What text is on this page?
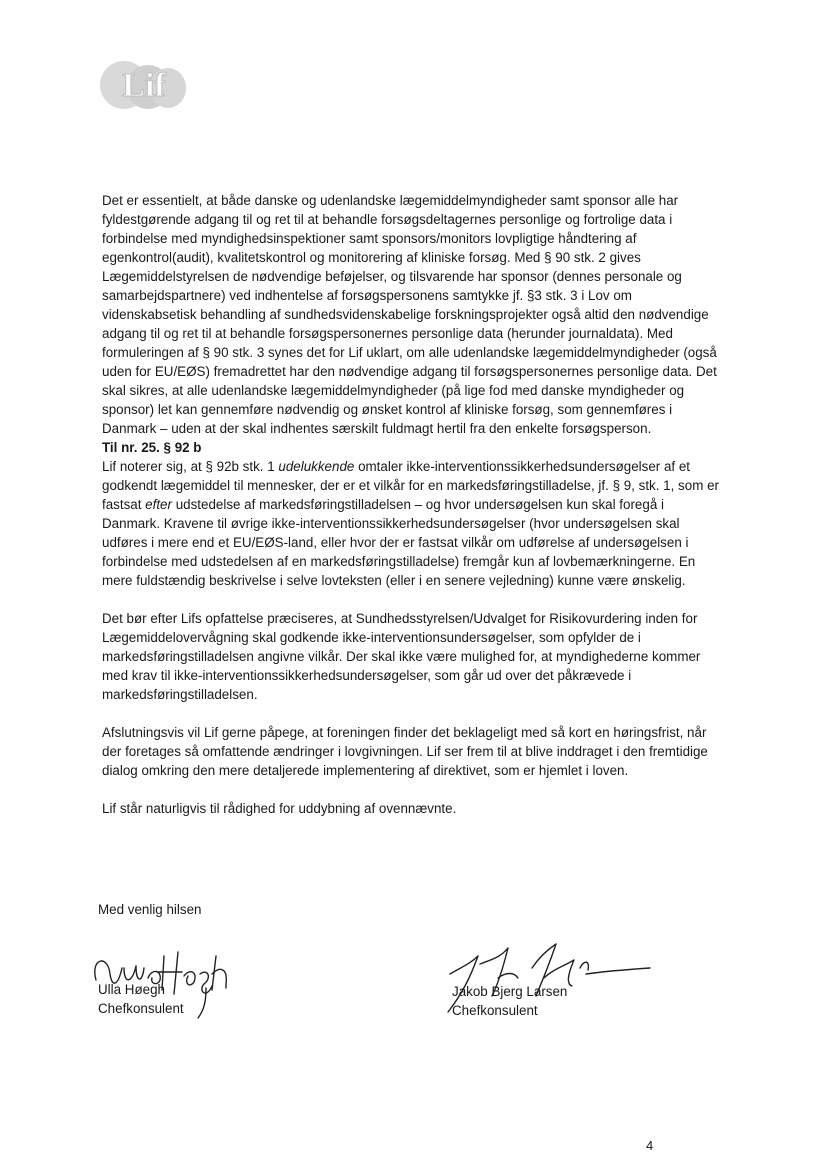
Lif

Det er essentielt, at både danske og udenlandske lægemiddelmyndigheder samt sponsor alle har fyldestgørende adgang til og ret til at behandle forsøgsdeltagernes personlige og fortrolige data i forbindelse med myndighedsinspektioner samt sponsors/monitors lovpligtige håndtering af egenkontrol(audit), kvalitetskontrol og monitorering af kliniske forsøg. Med § 90 stk. 2 gives Lægemiddelstyrelsen de nødvendige beføjelser, og tilsvarende har sponsor (dennes personale og samarbejdspartnere) ved indhentelse af forsøgspersonens samtykke jf. §3 stk. 3 i Lov om videnskabsetisk behandling af sundhedsvidenskabelige forskningsprojekter også altid den nødvendige adgang til og ret til at behandle forsøgspersonernes personlige data (herunder journaldata). Med formuleringen af § 90 stk. 3 synes det for Lif uklart, om alle udenlandske lægemiddelmyndigheder (også uden for EU/EØS) fremadrettet har den nødvendige adgang til forsøgspersonernes personlige data. Det skal sikres, at alle udenlandske lægemiddelmyndigheder (på lige fod med danske myndigheder og sponsor) let kan gennemføre nødvendig og ønsket kontrol af kliniske forsøg, som gennemføres i Danmark – uden at der skal indhentes særskilt fuldmagt hertil fra den enkelte forsøgsperson.

Til nr. 25. § 92 b

Lif noterer sig, at § 92b stk. 1 udelukkende omtaler ikke-interventionssikkerhedsundersøgelser af et godkendt lægemiddel til mennesker, der er et vilkår for en markedsføringstilladelse, jf. § 9, stk. 1, som er fastsat efter udstedelse af markedsføringstilladelsen – og hvor undersøgelsen kun skal foregå i Danmark. Kravene til øvrige ikke-interventionssikkerhedsundersøgelser (hvor undersøgelsen skal udføres i mere end et EU/EØS-land, eller hvor der er fastsat vilkår om udførelse af undersøgelsen i forbindelse med udstedelsen af en markedsføringstilladelse) fremgår kun af lovbemærkningerne. En mere fuldstændig beskrivelse i selve lovteksten (eller i en senere vejledning) kunne være ønskelig.

Det bør efter Lifs opfattelse præciseres, at Sundhedsstyrelsen/Udvalget for Risikovurdering inden for Lægemiddelovervågning skal godkende ikke-interventionsundersøgelser, som opfylder de i markedsføringstilladelsen angivne vilkår. Der skal ikke være mulighed for, at myndighederne kommer med krav til ikke-interventionssikkerhedsundersøgelser, som går ud over det påkrævede i markedsføringstilladelsen.

Afslutningsvis vil Lif gerne påpege, at foreningen finder det beklageligt med så kort en høringsfrist, når der foretages så omfattende ændringer i lovgivningen. Lif ser frem til at blive inddraget i den fremtidige dialog omkring den mere detaljerede implementering af direktivet, som er hjemlet i loven.

Lif står naturligvis til rådighed for uddybning af ovennævnte.

Med venlig hilsen

Ulla Høegh

Chefkonsulent

Jakob Bjerg Larsen

Chefkonsulent

4
